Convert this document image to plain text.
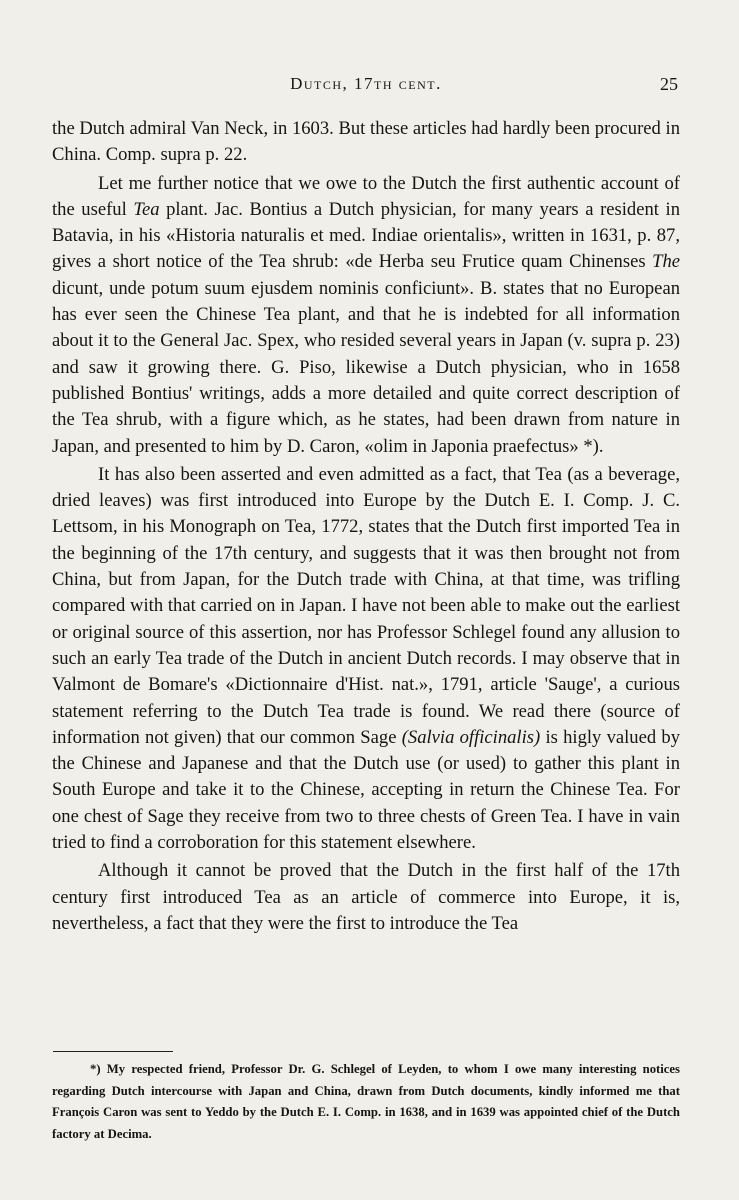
Dutch, 17th cent.	25

the Dutch admiral Van Neck, in 1603. But these articles had hardly been procured in China. Comp. supra p. 22.

Let me further notice that we owe to the Dutch the first authentic account of the useful Tea plant. Jac. Bontius a Dutch physician, for many years a resident in Batavia, in his «Historia naturalis et med. Indiae orientalis», written in 1631, p. 87, gives a short notice of the Tea shrub: «de Herba seu Frutice quam Chinenses The dicunt, unde potum suum ejusdem nominis conficiunt». B. states that no European has ever seen the Chinese Tea plant, and that he is indebted for all information about it to the General Jac. Spex, who resided several years in Japan (v. supra p. 23) and saw it growing there. G. Piso, likewise a Dutch physician, who in 1658 published Bontius' writings, adds a more detailed and quite correct description of the Tea shrub, with a figure which, as he states, had been drawn from nature in Japan, and presented to him by D. Caron, «olim in Japonia praefectus» *).

It has also been asserted and even admitted as a fact, that Tea (as a beverage, dried leaves) was first introduced into Europe by the Dutch E. I. Comp. J. C. Lettsom, in his Monograph on Tea, 1772, states that the Dutch first imported Tea in the beginning of the 17th century, and suggests that it was then brought not from China, but from Japan, for the Dutch trade with China, at that time, was trifling compared with that carried on in Japan. I have not been able to make out the earliest or original source of this assertion, nor has Professor Schlegel found any allusion to such an early Tea trade of the Dutch in ancient Dutch records. I may observe that in Valmont de Bomare's «Dictionnaire d'Hist. nat.», 1791, article 'Sauge', a curious statement referring to the Dutch Tea trade is found. We read there (source of information not given) that our common Sage (Salvia officinalis) is higly valued by the Chinese and Japanese and that the Dutch use (or used) to gather this plant in South Europe and take it to the Chinese, accepting in return the Chinese Tea. For one chest of Sage they receive from two to three chests of Green Tea. I have in vain tried to find a corroboration for this statement elsewhere.

Although it cannot be proved that the Dutch in the first half of the 17th century first introduced Tea as an article of commerce into Europe, it is, nevertheless, a fact that they were the first to introduce the Tea

*) My respected friend, Professor Dr. G. Schlegel of Leyden, to whom I owe many interesting notices regarding Dutch intercourse with Japan and China, drawn from Dutch documents, kindly informed me that François Caron was sent to Yeddo by the Dutch E. I. Comp. in 1638, and in 1639 was appointed chief of the Dutch factory at Decima.
